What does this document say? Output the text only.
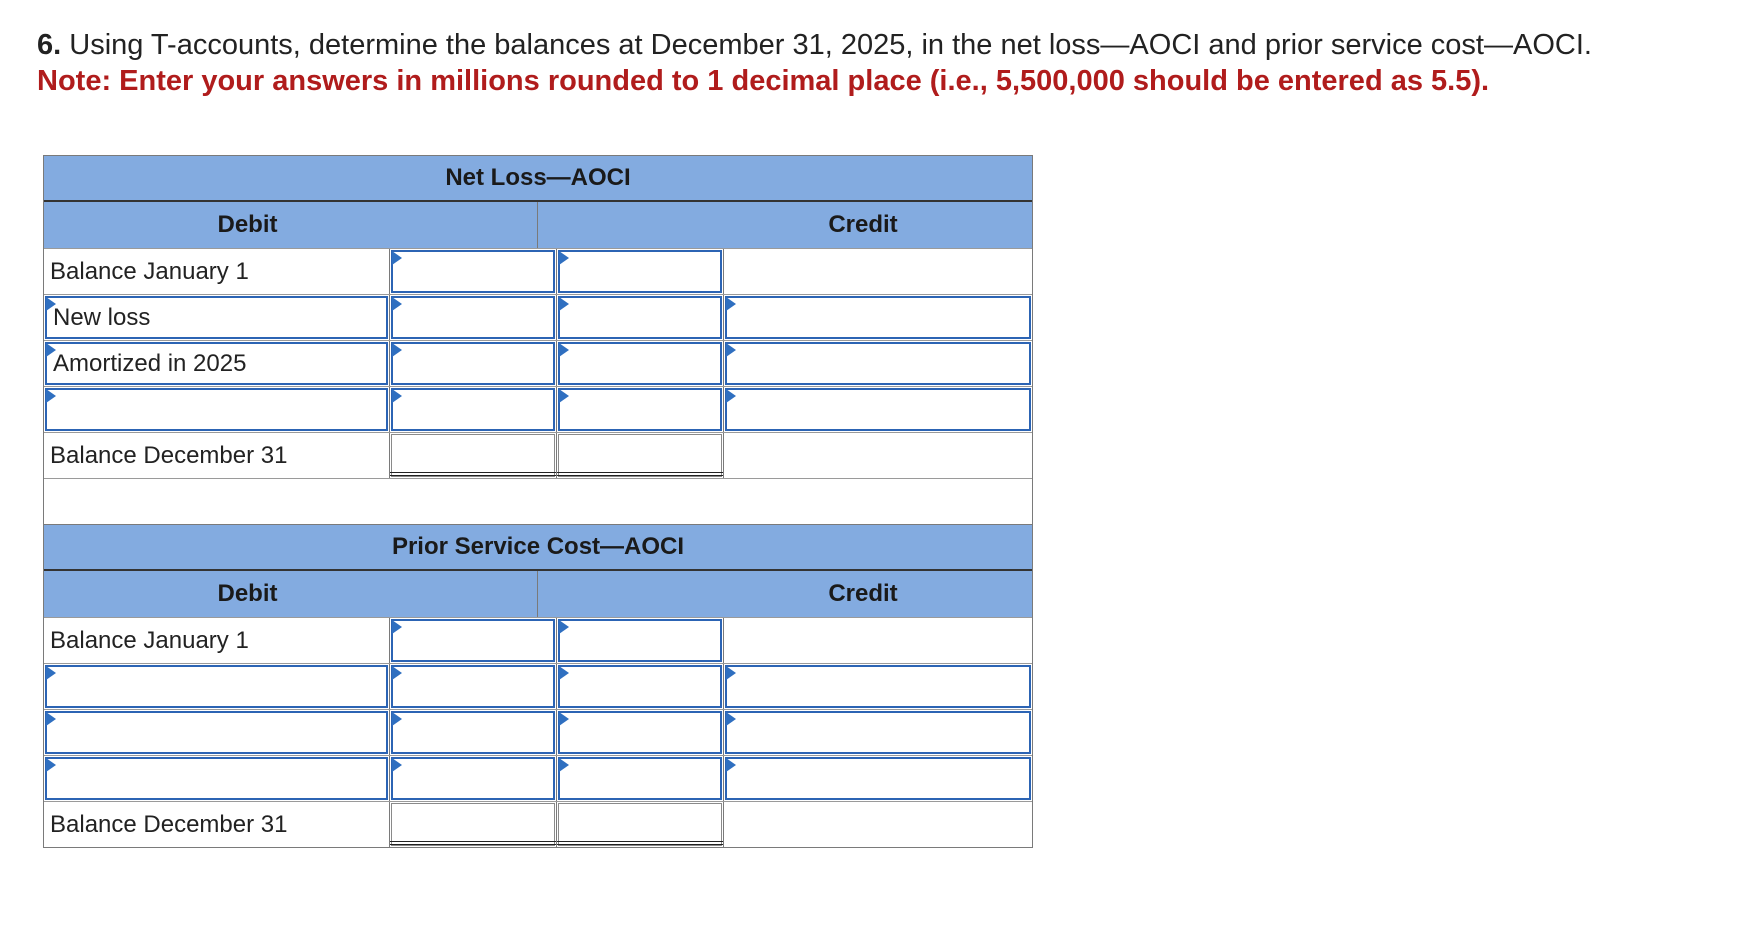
6. Using T-accounts, determine the balances at December 31, 2025, in the net loss—AOCI and prior service cost—AOCI.
Note: Enter your answers in millions rounded to 1 decimal place (i.e., 5,500,000 should be entered as 5.5).
Net Loss—AOCI
Debit	Credit
Balance January 1
New loss
Amortized in 2025
Balance December 31
Prior Service Cost—AOCI
Debit	Credit
Balance January 1
Balance December 31
